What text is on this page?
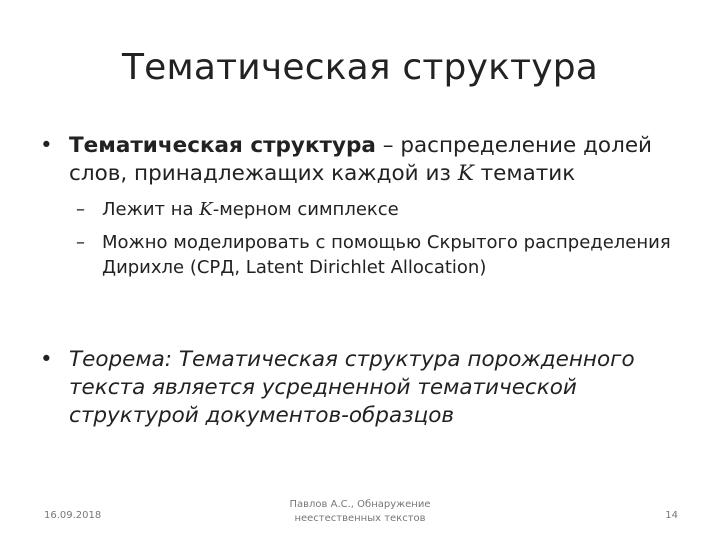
Тематическая структура
• Тематическая структура – распределение долей слов, принадлежащих каждой из K тематик
– Лежит на K-мерном симплексе
– Можно моделировать с помощью Скрытого распределения Дирихле (СРД, Latent Dirichlet Allocation)
• Теорема: Тематическая структура порожденного текста является усредненной тематической структурой документов-образцов
16.09.2018
Павлов А.С., Обнаружение неестественных текстов	14
